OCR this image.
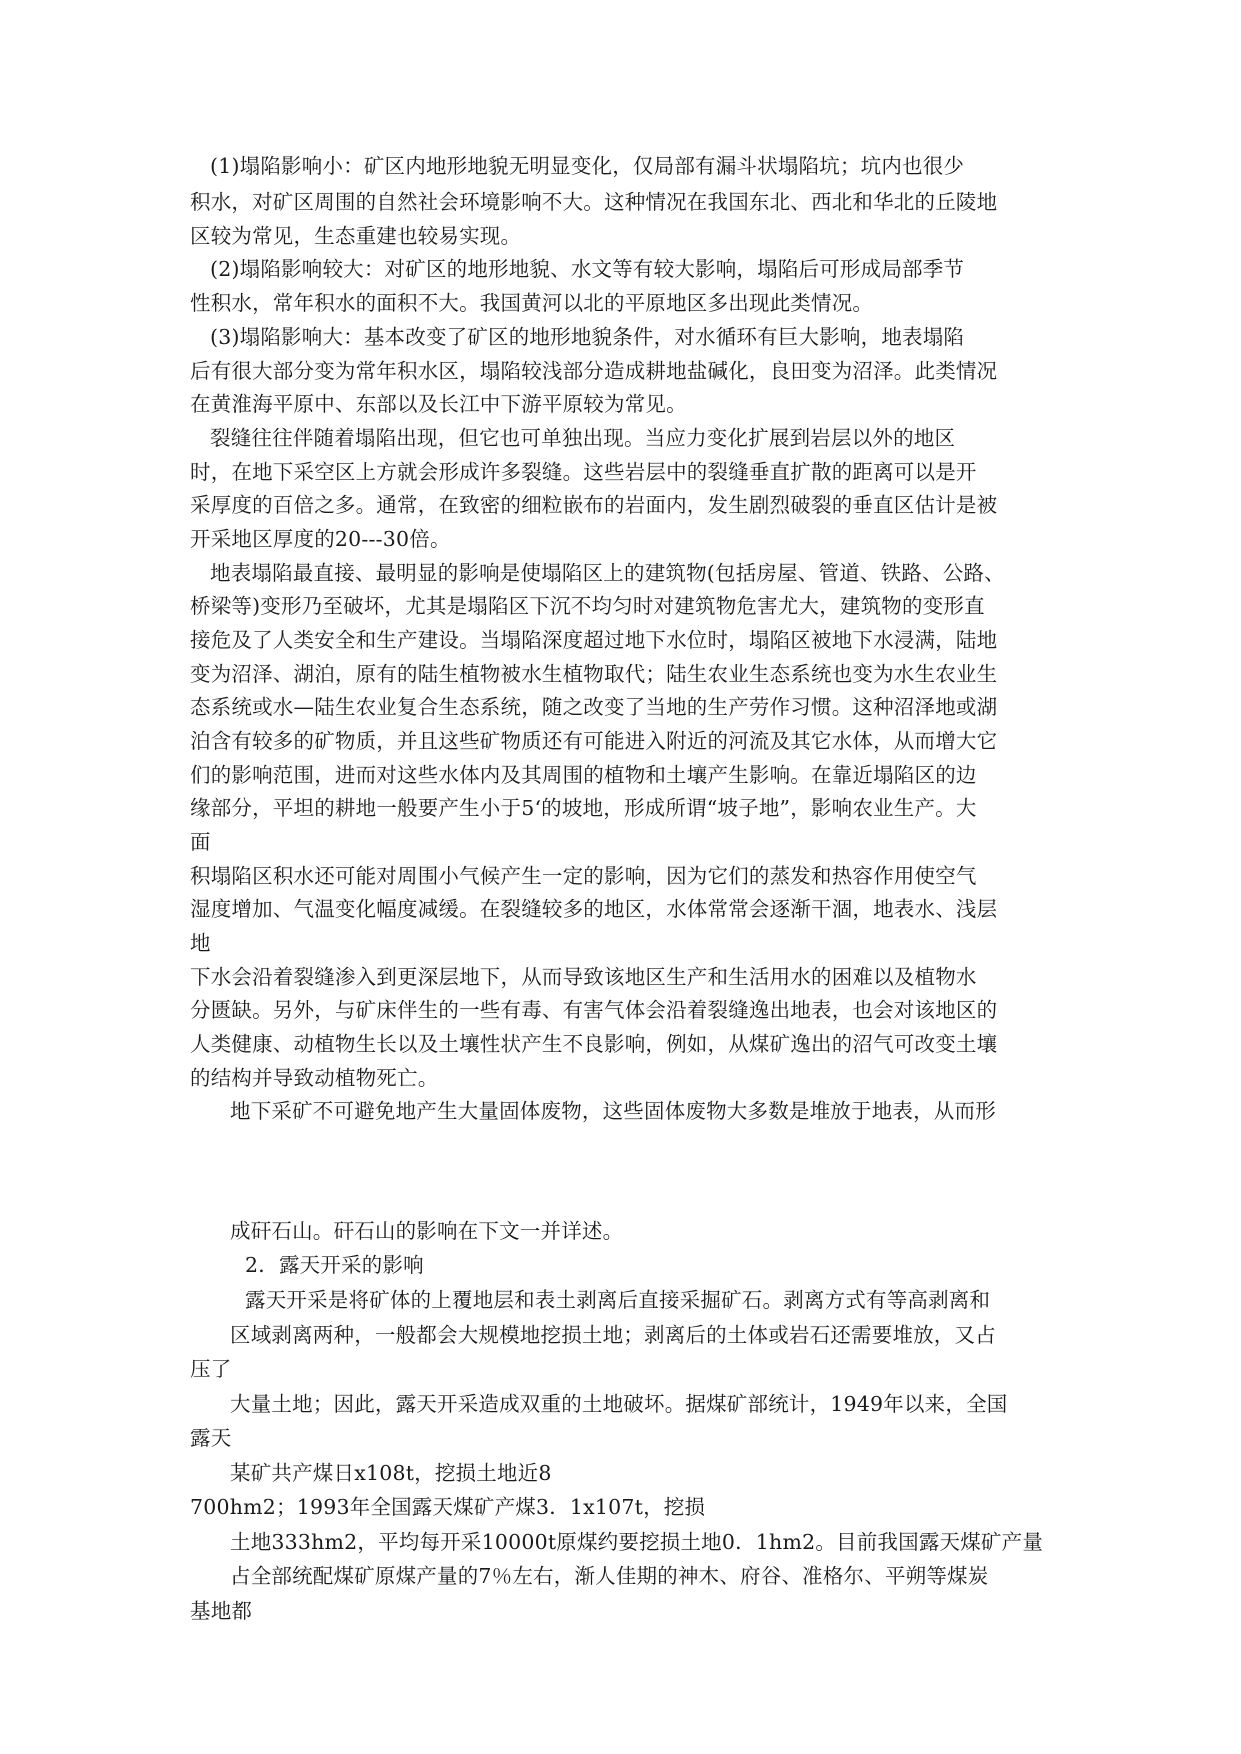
(1)塌陷影响小：矿区内地形地貌无明显变化，仅局部有漏斗状塌陷坑；坑内也很少
积水，对矿区周围的自然社会环境影响不大。这种情况在我国东北、西北和华北的丘陵地
区较为常见，生态重建也较易实现。
(2)塌陷影响较大：对矿区的地形地貌、水文等有较大影响，塌陷后可形成局部季节
性积水，常年积水的面积不大。我国黄河以北的平原地区多出现此类情况。
(3)塌陷影响大：基本改变了矿区的地形地貌条件，对水循环有巨大影响，地表塌陷
后有很大部分变为常年积水区，塌陷较浅部分造成耕地盐碱化，良田变为沼泽。此类情况
在黄淮海平原中、东部以及长江中下游平原较为常见。
裂缝往往伴随着塌陷出现，但它也可单独出现。当应力变化扩展到岩层以外的地区
时，在地下采空区上方就会形成许多裂缝。这些岩层中的裂缝垂直扩散的距离可以是开
采厚度的百倍之多。通常，在致密的细粒嵌布的岩面内，发生剧烈破裂的垂直区估计是被
开采地区厚度的20---30倍。
地表塌陷最直接、最明显的影响是使塌陷区上的建筑物(包括房屋、管道、铁路、公路、
桥梁等)变形乃至破坏，尤其是塌陷区下沉不均匀时对建筑物危害尤大，建筑物的变形直
接危及了人类安全和生产建设。当塌陷深度超过地下水位时，塌陷区被地下水浸满，陆地
变为沼泽、湖泊，原有的陆生植物被水生植物取代；陆生农业生态系统也变为水生农业生
态系统或水—陆生农业复合生态系统，随之改变了当地的生产劳作习惯。这种沼泽地或湖
泊含有较多的矿物质，并且这些矿物质还有可能进入附近的河流及其它水体，从而增大它
们的影响范围，进而对这些水体内及其周围的植物和土壤产生影响。在靠近塌陷区的边
缘部分，平坦的耕地一般要产生小于5‘的坡地，形成所谓“坡子地”，影响农业生产。大
面
积塌陷区积水还可能对周围小气候产生一定的影响，因为它们的蒸发和热容作用使空气
湿度增加、气温变化幅度减缓。在裂缝较多的地区，水体常常会逐渐干涸，地表水、浅层
地
下水会沿着裂缝渗入到更深层地下，从而导致该地区生产和生活用水的困难以及植物水
分匮缺。另外，与矿床伴生的一些有毒、有害气体会沿着裂缝逸出地表，也会对该地区的
人类健康、动植物生长以及土壤性状产生不良影响，例如，从煤矿逸出的沼气可改变土壤
的结构并导致动植物死亡。
地下采矿不可避免地产生大量固体废物，这些固体废物大多数是堆放于地表，从而形
成矸石山。矸石山的影响在下文一并详述。
2．露天开采的影响
露天开采是将矿体的上覆地层和表土剥离后直接采掘矿石。剥离方式有等高剥离和
区域剥离两种，一般都会大规模地挖损土地；剥离后的土体或岩石还需要堆放，又占
压了
大量土地；因此，露天开采造成双重的土地破坏。据煤矿部统计，1949年以来，全国
露天
某矿共产煤日x108t，挖损土地近8
700hm2；1993年全国露天煤矿产煤3．1x107t，挖损
土地333hm2，平均每开采10000t原煤约要挖损土地0．1hm2。目前我国露天煤矿产量
占全部统配煤矿原煤产量的7％左右，渐人佳期的神木、府谷、准格尔、平朔等煤炭
基地都
